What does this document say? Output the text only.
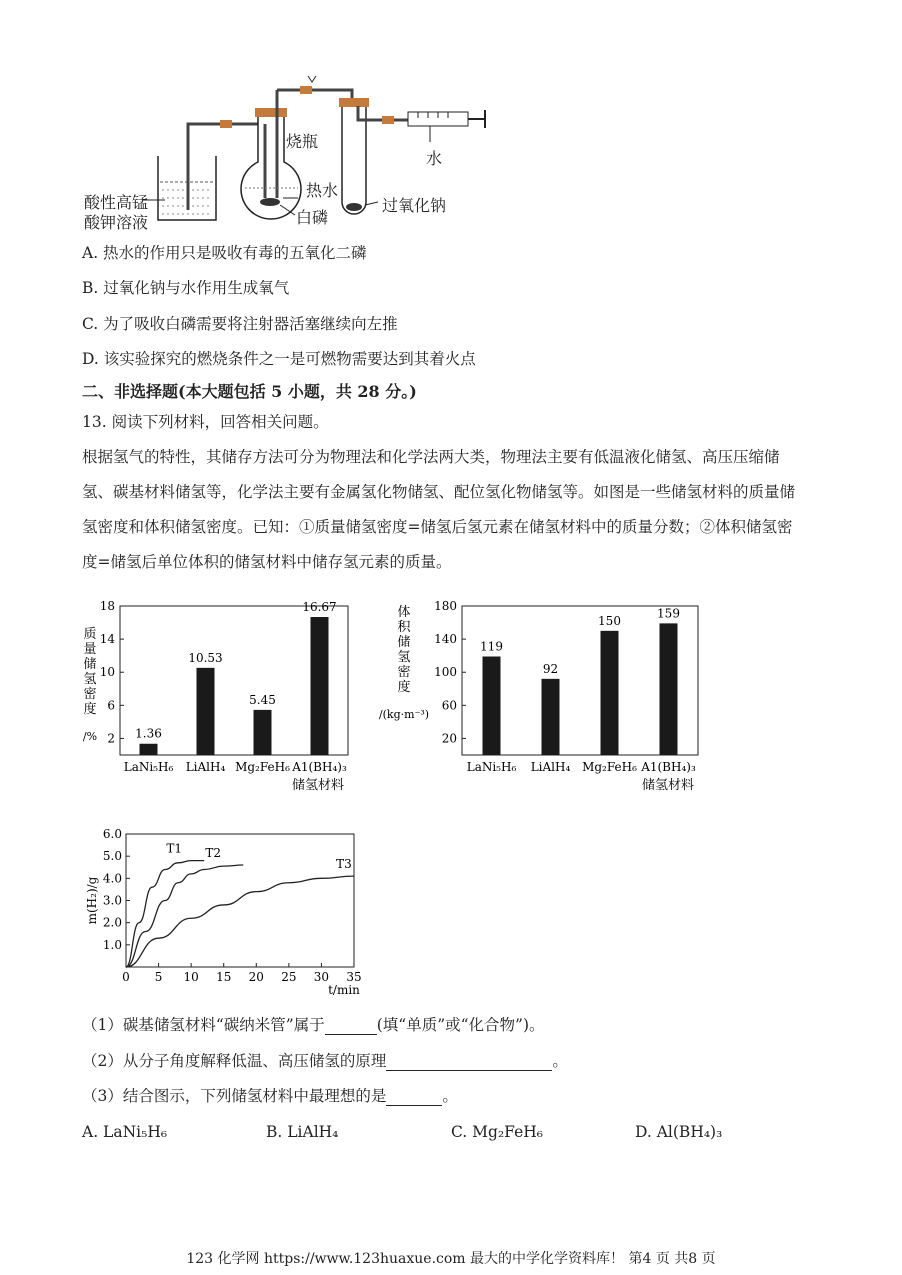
烧瓶
热水
白磷
水
过氧化钠
酸性高锰
酸钾溶液
A. 热水的作用只是吸收有毒的五氧化二磷
B. 过氧化钠与水作用生成氧气
C. 为了吸收白磷需要将注射器活塞继续向左推
D. 该实验探究的燃烧条件之一是可燃物需要达到其着火点
二、非选择题(本大题包括 5 小题，共 28 分。)
13. 阅读下列材料，回答相关问题。
根据氢气的特性，其储存方法可分为物理法和化学法两大类，物理法主要有低温液化储氢、高压压缩储
氢、碳基材料储氢等，化学法主要有金属氢化物储氢、配位氢化物储氢等。如图是一些储氢材料的质量储
氢密度和体积储氢密度。已知：①质量储氢密度=储氢后氢元素在储氢材料中的质量分数；②体积储氢密
度=储氢后单位体积的储氢材料中储存氢元素的质量。
质
量
储
氢
密
度
/% 2
6
10
14
18
1.36
LaNi₅H₆
10.53
LiAlH₄
5.45
Mg₂FeH₆
16.67
A1(BH₄)₃
储氢材料
体
积
储
氢
密
度
/(kg·m⁻³)
20
60
100
140
180
119
LaNi₅H₆
92
LiAlH₄
150
Mg₂FeH₆
159
A1(BH₄)₃
储氢材料
1.0
2.0
3.0
4.0
5.0
6.0
0 5 10 15 20 25 30 35
t/min
m(H₂)/g
T1 T2
T3
（1）碳基储氢材料“碳纳米管”属于	(填“单质”或“化合物”)。
（2）从分子角度解释低温、高压储氢的原理	。
（3）结合图示，下列储氢材料中最理想的是	。
A. LaNi₅H₆	B. LiAlH₄	C. Mg₂FeH₆	D. Al(BH₄)₃
123 化学网 https://www.123huaxue.com 最大的中学化学资料库！ 第4 页 共8 页
